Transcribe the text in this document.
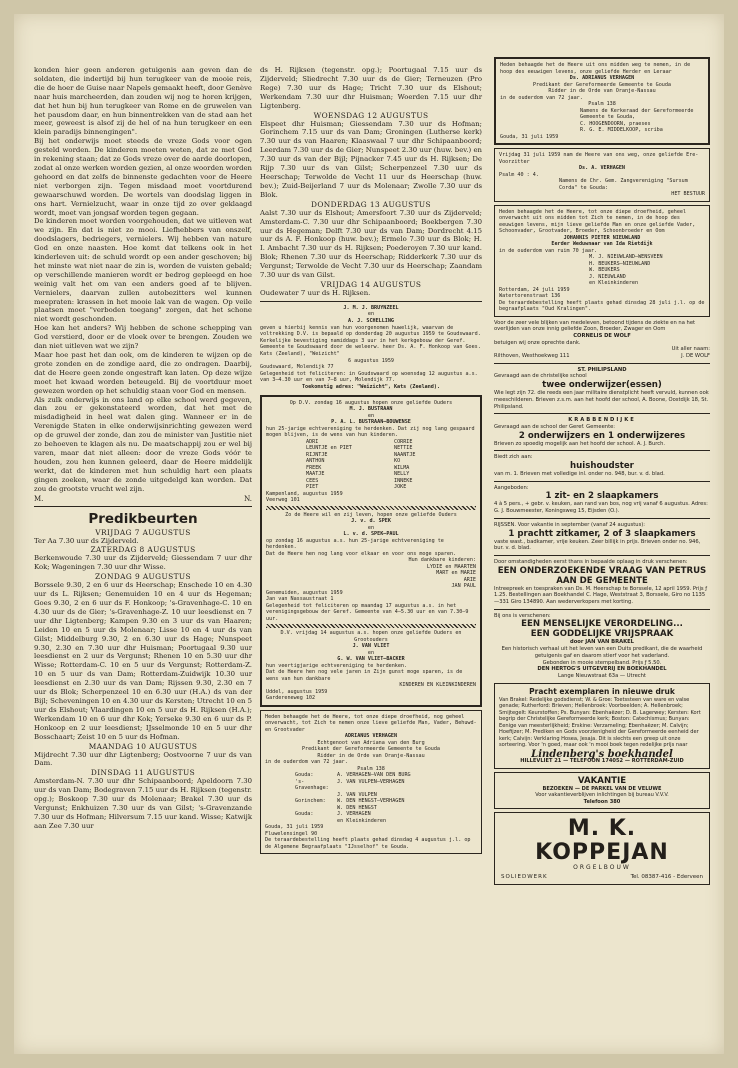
konden hier geen anderen getuigenis aan geven dan de soldaten, die indertijd bij hun terugkeer van de mooie reis, die de hoer de Guise naar Napels gemaakt heeft, door Genève naar huis marcheerden, dan zouden wij nog te horen krijgen, dat het hun bij hun terugkeer van Rome en de gruwelen van het pausdom daar, en hun binnentrekken van de stad aan het meer, geweest is alsof zij de hel of na hun terugkeer en een klein paradijs binnengingen".

Bij het onderwijs moet steeds de vreze Gods voor ogen gesteld worden. De kinderen moeten weten, dat ze met God in rekening staan; dat ze Gods vreze over de aarde doorlopen, zodat al onze werken worden gezien, al onze woorden worden gehoord en dat zelfs de binnenste gedachten voor de Heere niet verborgen zijn. Tegen misdaad moet voortdurend gewaarschuwd worden. De wortels van doodslag liggen in ons hart. Vernielzucht, waar in onze tijd zo over geklaagd wordt, moet van jongsaf worden tegen gegaan.

De kinderen moet worden voorgehouden, dat we uitleven wat we zijn. En dat is niet zo mooi. Liefhebbers van onszelf, doodslagers, bedriegers, vernielers. Wij hebben van nature God en onze naasten. Hoe komt dat telkens ook in het kinderleven uit: de schuld wordt op een ander geschoven; bij het minste wat niet naar de zin is, worden de vuisten gebald; op verschillende manieren wordt er bedrog gepleegd en hoe weinig valt het om van een anders goed af te blijven. Vernielers, daarvan zullen autobezitters wel kunnen meepraten: krassen in het mooie lak van de wagen. Op veile plaatsen moet "verboden toegang" zorgen, dat het schone niet wordt geschonden.

Hoe kan het anders? Wij hebben de schone schepping van God verstierd, door er de vloek over te brengen. Zouden we dan niet uitleven wat we zijn?

Maar hoe past het dan ook, om de kinderen te wijzen op de grote zonden en de zondige aard, die zo ondragen. Daarbij, dat de Heere geen zonde ongestraft kan laten. Op deze wijze moet het kwaad worden beteugeld. Bij de voortduur moet gewezen worden op het schuldig staan voor God en mensen.

Als zulk onderwijs in ons land op elke school werd gegeven, dan zou er gekonstateerd worden, dat het met de misdadigheid in heel wat dalen ging. Wanneer er in de Verenigde Staten in elke onderwijsinrichting gewezen werd op de gruwel der zonde, dan zou de minister van Justitie niet zo behoeven te klagen als nu. De maatschappij zou er wel bij varen, maar dat niet alleen: door de vreze Gods vóór te houden, zou hen kunnen geleerd, daar de Heere middelijk werkt, dat de kinderen met hun schuldig hart een plaats gingen zoeken, waar de zonde uitgedelgd kan worden. Dat zou de grootste vrucht wel zijn.

M.	N.
Predikbeurten

VRIJDAG 7 AUGUSTUS

Ter Aa 7.30 uur ds Zijderveld.

ZATERDAG 8 AUGUSTUS

Berkenwoude 7.30 uur ds Zijderveld; Giessendam 7 uur dhr Kok; Wageningen 7.30 uur dhr Wisse.

ZONDAG 9 AUGUSTUS

Borssele 9.30, 2 en 6 uur ds Heerschap; Enschede 10 en 4.30 uur ds L. Rijksen; Genemuiden 10 en 4 uur ds Hegeman; Goes 9.30, 2 en 6 uur ds F. Honkoop; 's-Gravenhage-C. 10 en 4.30 uur ds de Gier; 's-Gravenhage-Z. 10 uur leesdienst en 7 uur dhr Ligtenberg; Kampen 9.30 en 3 uur ds van Haaren; Leiden 10 en 5 uur ds Molenaar; Lisse 10 en 4 uur ds van Gilst; Middelburg 9.30, 2 en 6.30 uur ds Hage; Nunspeet 9.30, 2.30 en 7.30 uur dhr Huisman; Poortugaal 9.30 uur leesdienst en 2 uur ds Vergunst; Rhenen 10 en 5.30 uur dhr Wisse; Rotterdam-C. 10 en 5 uur ds Vergunst; Rotterdam-Z. 10 en 5 uur ds van Dam; Rotterdam-Zuidwijk 10.30 uur leesdienst en 2.30 uur ds van Dam; Rijssen 9.30, 2.30 en 7 uur ds Blok; Scherpenzeel 10 en 6.30 uur (H.A.) ds van der Bijl; Scheveningen 10 en 4.30 uur ds Kersten; Utrecht 10 en 5 uur ds Elshout; Vlaardingen 10 en 5 uur ds H. Rijksen (H.A.); Werkendam 10 en 6 uur dhr Kok; Yerseke 9.30 en 6 uur ds P. Honkoop en 2 uur leesdienst; IJsselmonde 10 en 5 uur dhr Bosschaart; Zeist 10 en 5 uur ds Hofman.

MAANDAG 10 AUGUSTUS

Mijdrecht 7.30 uur dhr Ligtenberg; Oostvoorne 7 uur ds van Dam.

DINSDAG 11 AUGUSTUS

Amsterdam-N. 7.30 uur dhr Schipaanboord; Apeldoorn 7.30 uur ds van Dam; Bodegraven 7.15 uur ds H. Rijksen (tegenstr. opg.); Boskoop 7.30 uur ds Molenaar; Brakel 7.30 uur ds Vergunst; Enkhuizen 7.30 uur ds van Gilst; 's-Gravenzande 7.30 uur ds Hofman; Hilversum 7.15 uur kand. Wisse; Katwijk aan Zee 7.30 uur

ds H. Rijksen (tegenstr. opg.); Poortugaal 7.15 uur ds Zijderveld; Sliedrecht 7.30 uur ds de Gier; Terneuzen (Pro Rege) 7.30 uur ds Hage; Tricht 7.30 uur ds Elshout; Werkendam 7.30 uur dhr Huisman; Woerden 7.15 uur dhr Ligtenberg.

WOENSDAG 12 AUGUSTUS

Elspeet dhr Huisman; Giessendam 7.30 uur ds Hofman; Gorinchem 7.15 uur ds van Dam; Groningen (Lutherse kerk) 7.30 uur ds van Haaren; Klaaswaal 7 uur dhr Schipaanboord; Leerdam 7.30 uur ds de Gier; Nunspeet 2.30 uur (huw. bev.) en 7.30 uur ds van der Bijl; Pijnacker 7.45 uur ds H. Rijksen; De Rijp 7.30 uur ds van Gilst; Scherpenzeel 7.30 uur ds Heerschap; Terwolde de Vecht 11 uur ds Heerschap (huw. bev.); Zuid-Beijerland 7 uur ds Molenaar; Zwolle 7.30 uur ds Blok.

DONDERDAG 13 AUGUSTUS

Aalst 7.30 uur ds Elshout; Amersfoort 7.30 uur ds Zijderveld; Amsterdam-C. 7.30 uur dhr Schipaanboord; Boekbergen 7.30 uur ds Hegeman; Delft 7.30 uur ds van Dam; Dordrecht 4.15 uur ds A. F. Honkoop (huw. bev.); Ermelo 7.30 uur ds Blok; H. I. Ambacht 7.30 uur ds H. Rijksen; Poederoyen 7.30 uur kand. Blok; Rhenen 7.30 uur ds Heerschap; Ridderkerk 7.30 uur ds Vergunst; Terwolde de Vecht 7.30 uur ds Heerschap; Zaandam 7.30 uur ds van Gilst.

VRIJDAG 14 AUGUSTUS

Oudewater 7 uur ds H. Rijksen.

J. M. J. BRUYNZEEL
en
A. J. SCHELLING
geven u hierbij kennis van hun voorgenomen huwelijk, waarvan de voltrekking D.V. is bepaald op donderdag 20 augustus 1959 te Goudswaard.
Kerkelijke bevestiging namiddags 3 uur in het kerkgebouw der Geref. Gemeente te Goudswaard door de weleerw. heer Ds. A. F. Honkoop van Goes.
Kats (Zeeland), "Weizicht"
6 augustus 1959
Goudswaard, Molendijk 77
Gelegenheid tot feliciteren: in Goudswaard op woensdag 12 augustus a.s. van 3—4.30 uur en van 7—8 uur, Molendijk 77.
Toekomstig adres: "Weizicht", Kats (Zeeland).
Op D.V. zondag 16 augustus hopen onze geliefde Ouders
M. J. BUSTRAAN
en
P. A. L. BUSTRAAN—BOUWENSE
hun 25-jarige echtvereniging te herdenken. Dat zij nog lang gespaard mogen blijven, is de wens van hun kinderen.
ADRI	CORRIE
LEUNTJE en PIET	NETTIE
RIJNTJE	NAANTJE
ANTHON	KO
FREEK	WILMA
MAATJE	NELLY
CEES	INNEKE
PIET	JOKE
Kampenland, augustus 1959
Veerweg 101
Zo de Heere wil en zij leven, hopen onze geliefde Ouders
J. v. d. SPEK
en
L. v. d. SPEK—PAUL
op zondag 16 augustus a.s. hun 25-jarige echtvereniging te herdenken.
Dat de Heere hen nog lang voor elkaar en voor ons moge sparen.
Hun dankbare kinderen:
LYDIE en MAARTEN
MART en MARIE
ARIE
JAN PAUL
Genemuiden, augustus 1959
Jan van Nassaustraat 1
Gelegenheid tot feliciteren op maandag 17 augustus a.s. in het verenigingsgebouw der Geref. Gemeente van 4—5.30 uur en van 7.30—9 uur.
D.V. vrijdag 14 augustus a.s. hopen onze geliefde Ouders en Grootouders
J. VAN VLIET
en
G. W. VAN VLIET—BACKER
hun veertigjarige echtvereniging te herdenken.
Dat de Heere hen nog vele jaren in Zijn gunst moge sparen, is de wens van hun dankbare
KINDEREN EN KLEINKINDEREN
Uddel, augustus 1959
Gardereneweg 102
Heden behaagde het de Heere, tot onze diepe droefheid, nog geheel onverwacht, tot Zich te nemen onze lieve geliefde Man, Vader, Behuwd- en Grootvader
ADRIANUS VERHAGEN
Echtgenoot van Adriana van den Burg
Predikant der Gereformeerde Gemeente te Gouda
Ridder in de Orde van Oranje-Nassau
in de ouderdom van 72 jaar.
Psalm 138
Gouda:	A. VERHAGEN—VAN DEN BURG
's-Gravenhage:
J. VAN VULPEN—VERHAGEN
J. VAN VULPEN
Gorinchem:	W. DEN HENGST—VERHAGEN
W. DEN HENGST
Gouda:	J. VERHAGEN
en Kleinkinderen
Gouda, 31 juli 1959
Fluwelensingel 90
De teraardebestelling heeft plaats gehad dinsdag 4 augustus j.l. op de Algemene Begraafplaats "IJsselhof" te Gouda.
Heden behaagde het de Heere uit ons midden weg te nemen, in de hoop des eeuwigen levens, onze geliefde Herder en Leraar
Ds. ADRIANUS VERHAGEN
Predikant der Gereformeerde Gemeente te Gouda
Ridder in de Orde van Oranje-Nassau
in de ouderdom van 72 jaar.
Psalm 138
Namens de Kerkeraad der Gereformeerde Gemeente te Gouda,
C. HOOGENDOORN, praeses
R. G. E. MIDDELKOOP, scriba
Gouda, 31 juli 1959
Vrijdag 31 juli 1959 nam de Heere van ons weg, onze geliefde Ere-Voorzitter
Ds. A. VERHAGEN
Psalm 40 : 4.
Namens de Chr. Gem. Zangvereniging "Sursum Corda" te Gouda:
HET BESTUUR
Heden behaagde het de Heere, tot onze diepe droefheid, geheel onverwacht uit ons midden tot Zich te nemen, in de hoop des eeuwigen levens, mijn lieve geliefde Man en onze geliefde Vader, Schoonvader, Grootvader, Broeder, Schoonbroeder en Oom
JOHANNIS PIETER NIEUWLAND
Eerder Weduwnaar van Ida Rietdijk
in de ouderdom van ruim 70 jaar.
M. J. NIEUWLAND—WENSVEEN
H. BEUKERS—NIEUWLAND
W. BEUKERS
J. NIEUWLAND
en Kleinkinderen
Rotterdam, 24 juli 1959
Watertorenstraat 136
De teraardebestelling heeft plaats gehad dinsdag 28 juli j.l. op de begraafplaats "Oud Kralingen".
Voor de zeer vele blijken van medeleven, betoond tijdens de ziekte en na het overlijden van onze innig geliefde Zoon, Broeder, Zwager en Oom
CORNELIS DE WOLF
betuigen wij onze oprechte dank.
Uit aller naam:
Rilthoven, Westhoekweg 111	J. DE WOLF
ST. PHILIPSLAND
Gevraagd aan de christelijke school
twee onderwijzer(essen)
Wie legt zijn 72. die reeds een jaar militaire dienstplicht heeft vervuld, kunnen ook meeschilderen. Brieven z.s.m. aan het hoofd der school, A. Boone, Oostdijk 18, St. Philipsland.
KRABBENDIJKE
Gevraagd aan de school der Geref. Gemeente:
2 onderwijzers en 1 onderwijzeres
Brieven zo spoedig mogelijk aan het hoofd der school. A. J. Burch.
Biedt zich aan:
huishoudster
van m. 1. Brieven met volledige inl. onder no. 948, bur. v. d. blad.
Aangeboden:
1 zit- en 2 slaapkamers
4 à 5 pers., + gebr. v. keuken, aan rand van bos, nog vrij vanaf 6 augustus. Adres: G. J. Bouwmeester, Koningsweg 15, Eijsden (O.).
RIJSSEN. Voor vakantie in september (vanaf 24 augustus):
1 prachtt zitkamer, 2 of 3 slaapkamers
vaste wast., badkamer, vrije keuken. Zeer billijk in prijs. Brieven onder no. 946, bur. v. d. blad.
Door omstandigheden eerst thans in bepaalde oplaag in druk verschenen:
EEN ONDERZOEKENDE VRAAG VAN PETRUS AAN DE GEMEENTE
Intreepreek en toespraken van Ds. M. Heerschap te Borssele, 12 april 1959. Prijs ƒ 1.25. Bestellingen aan Boekhandel C. Hage, Weststraat 3, Borssele, Giro no 1135—331 Giro 134890. Aan wederverkopers met korting.
Bij ons is verschenen:
EEN MENSELIJKE VERORDELING...
EEN GODDELIJKE VRIJSPRAAK
door JAN VAN BRAKEL
Een historisch verhaal uit het leven van een Duits predikant, die de waarheid getuigenis gaf en daarom stierf voor het vaderland.
Gebonden in mooie stempelband. Prijs ƒ 5.50.
DEN HERTOG'S UITGEVERIJ EN BOEKHANDEL
Lange Nieuwstraat 63a — Utrecht
Pracht exemplaren in nieuwe druk
Van Brakel: Redelijke godsdienst; W. & Groe: Toetssteen van ware en valse genade; Rutherford: Brieven; Hellenbroek: Voorbeelden; A. Hellenbroek; Smijtegelt: Keurstoffen; Ps. Bunyan: Ebenhaëzer; D. B. Lagerwey; Kersten: Kort begrip der Christelijke Gereformeerde kerk; Boston: Catechismus; Bunyan: Eenige van meesterlijkheid; Erskine: Verzameling; Ebenhaëzer; M. Calvijn; Hoefijzer; M. Prediken en Gods voorzienigheid der Gereformeerde eenheid der kerk; Calvijn: Verklaring Hosea, Jesaja. Dit is slechts een greep uit onze sorteering. Voor 'n goed, maar ook 'n mooi boek tegen redelijke prijs naar
Lindenberg's boekhandel
HILLEVLIET 21 — TELEFOON 174052 — ROTTERDAM-ZUID
VAKANTIE
BEZOEKEN — DE PARKEL VAN DE VELUWE
Voor vakantieverblijven inlichtingen bij bureau V.V.V.
Telefoon 380
M. K. KOPPEJAN
ORGELBOUW
SOLIEDWERK	Tel. 08387-416 - Ederveen
